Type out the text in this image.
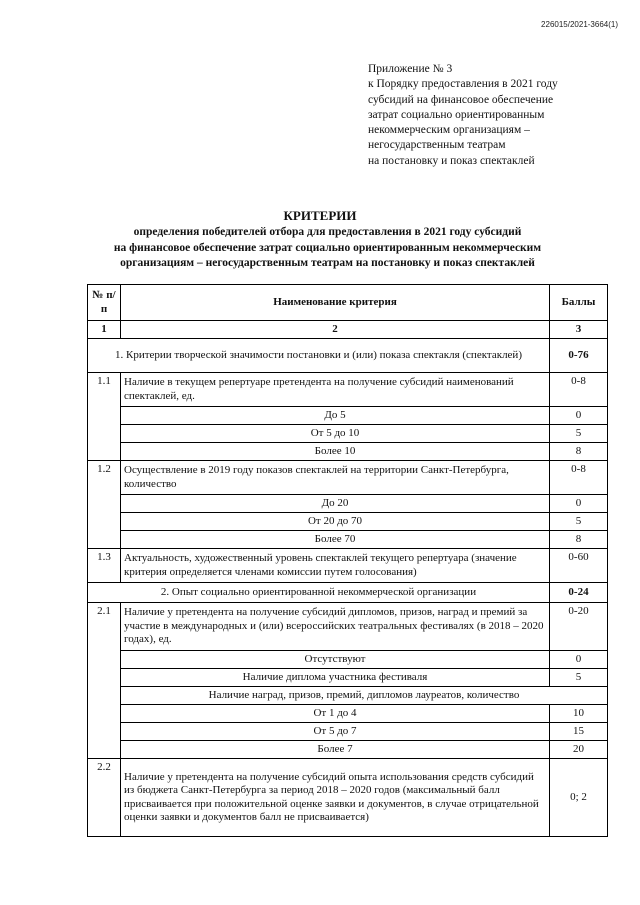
226015/2021-3664(1)
Приложение № 3
к Порядку предоставления в 2021 году
субсидий на финансовое обеспечение
затрат социально ориентированным
некоммерческим организациям –
негосударственным театрам
на постановку и показ спектаклей
КРИТЕРИИ
определения победителей отбора для предоставления в 2021 году субсидий
на финансовое обеспечение затрат социально ориентированным некоммерческим
организациям – негосударственным театрам на постановку и показ спектаклей
№ п/п	Наименование критерия	Баллы
1	2	3
1. Критерии творческой значимости постановки и (или) показа спектакля (спектаклей)		0-76
1.1	Наличие в текущем репертуаре претендента на получение субсидий наименований спектаклей, ед.	0-8
	До 5	0
	От 5 до 10	5
	Более 10	8
1.2	Осуществление в 2019 году показов спектаклей на территории Санкт-Петербурга, количество	0-8
	До 20	0
	От 20 до 70	5
	Более 70	8
1.3	Актуальность, художественный уровень спектаклей текущего репертуара (значение критерия определяется членами комиссии путем голосования)	0-60
2. Опыт социально ориентированной некоммерческой организации		0-24
2.1	Наличие у претендента на получение субсидий дипломов, призов, наград и премий за участие в международных и (или) всероссийских театральных фестивалях (в 2018 – 2020 годах), ед.	0-20
	Отсутствуют	0
	Наличие диплома участника фестиваля	5
	Наличие наград, призов, премий, дипломов лауреатов, количество	
	От 1 до 4	10
	От 5 до 7	15
	Более 7	20
2.2	Наличие у претендента на получение субсидий опыта использования средств субсидий из бюджета Санкт-Петербурга за период 2018 – 2020 годов (максимальный балл присваивается при положительной оценке заявки и документов, в случае отрицательной оценки заявки и документов балл не присваивается)	0; 2
